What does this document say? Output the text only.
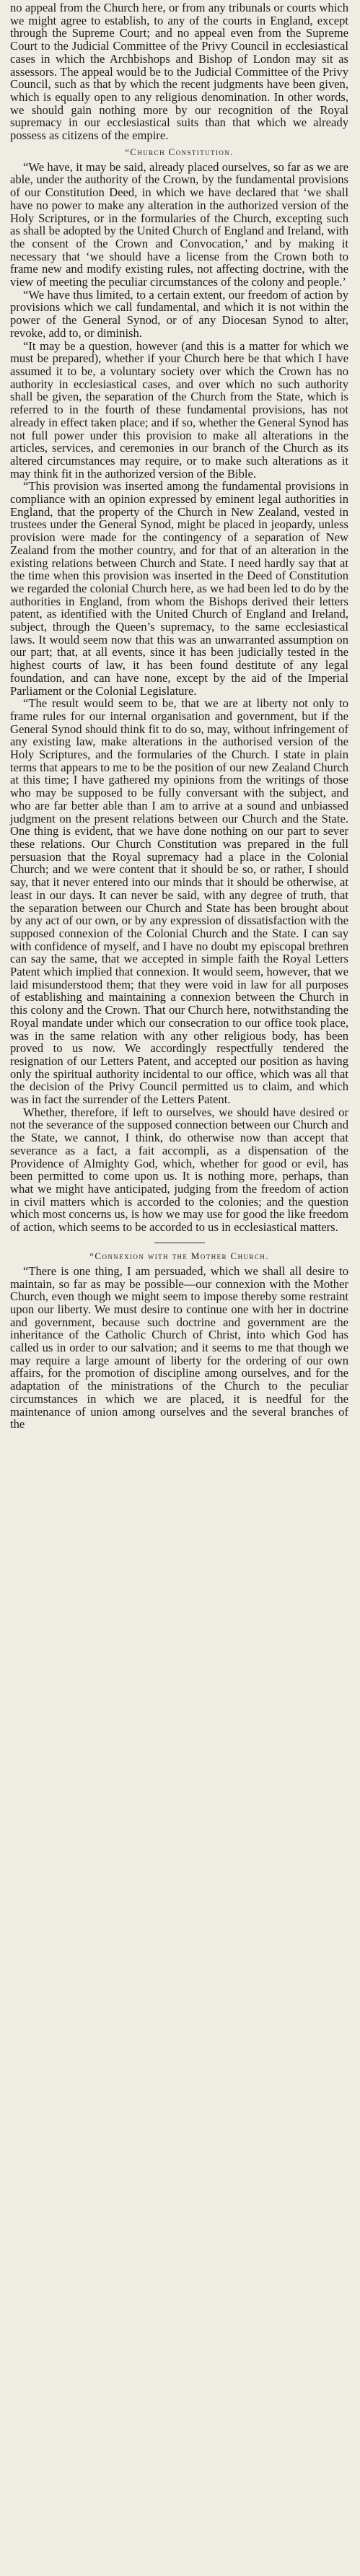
no appeal from the Church here, or from any tribunals or courts which we might agree to establish, to any of the courts in England, except through the Supreme Court; and no appeal even from the Supreme Court to the Judicial Committee of the Privy Council in ecclesiastical cases in which the Archbishops and Bishop of London may sit as assessors. The appeal would be to the Judicial Committee of the Privy Council, such as that by which the recent judgments have been given, which is equally open to any religious denomination. In other words, we should gain nothing more by our recognition of the Royal supremacy in our ecclesiastical suits than that which we already possess as citizens of the empire.

“Church Constitution.

“We have, it may be said, already placed ourselves, so far as we are able, under the authority of the Crown, by the fundamental provisions of our Constitution Deed, in which we have declared that ‘we shall have no power to make any alteration in the authorized version of the Holy Scriptures, or in the formularies of the Church, excepting such as shall be adopted by the United Church of England and Ireland, with the consent of the Crown and Convocation,’ and by making it necessary that ‘we should have a license from the Crown both to frame new and modify existing rules, not affecting doctrine, with the view of meeting the peculiar circumstances of the colony and people.’

“We have thus limited, to a certain extent, our freedom of action by provisions which we call fundamental, and which it is not within the power of the General Synod, or of any Diocesan Synod to alter, revoke, add to, or diminish.

“It may be a question, however (and this is a matter for which we must be prepared), whether if your Church here be that which I have assumed it to be, a voluntary society over which the Crown has no authority in ecclesiastical cases, and over which no such authority shall be given, the separation of the Church from the State, which is referred to in the fourth of these fundamental provisions, has not already in effect taken place; and if so, whether the General Synod has not full power under this provision to make all alterations in the articles, services, and ceremonies in our branch of the Church as its altered circumstances may require, or to make such alterations as it may think fit in the authorized version of the Bible.

“This provision was inserted among the fundamental provisions in compliance with an opinion expressed by eminent legal authorities in England, that the property of the Church in New Zealand, vested in trustees under the General Synod, might be placed in jeopardy, unless provision were made for the contingency of a separation of New Zealand from the mother country, and for that of an alteration in the existing relations between Church and State. I need hardly say that at the time when this provision was inserted in the Deed of Constitution we regarded the colonial Church here, as we had been led to do by the authorities in England, from whom the Bishops derived their letters patent, as identified with the United Church of England and Ireland, subject, through the Queen’s supremacy, to the same ecclesiastical laws. It would seem now that this was an unwarranted assumption on our part; that, at all events, since it has been judicially tested in the highest courts of law, it has been found destitute of any legal foundation, and can have none, except by the aid of the Imperial Parliament or the Colonial Legislature.

“The result would seem to be, that we are at liberty not only to frame rules for our internal organisation and government, but if the General Synod should think fit to do so, may, without infringement of any existing law, make alterations in the authorised version of the Holy Scriptures, and the formularies of the Church. I state in plain terms that appears to me to be the position of our new Zealand Church at this time; I have gathered my opinions from the writings of those who may be supposed to be fully conversant with the subject, and who are far better able than I am to arrive at a sound and unbiassed judgment on the present relations between our Church and the State. One thing is evident, that we have done nothing on our part to sever these relations. Our Church Constitution was prepared in the full persuasion that the Royal supremacy had a place in the Colonial Church; and we were content that it should be so, or rather, I should say, that it never entered into our minds that it should be otherwise, at least in our days. It can never be said, with any degree of truth, that the separation between our Church and State has been brought about by any act of our own, or by any expression of dissatisfaction with the supposed connexion of the Colonial Church and the State. I can say with confidence of myself, and I have no doubt my episcopal brethren can say the same, that we accepted in simple faith the Royal Letters Patent which implied that connexion. It would seem, however, that we laid misunderstood them; that they were void in law for all purposes of establishing and maintaining a connexion between the Church in this colony and the Crown. That our Church here, notwithstanding the Royal mandate under which our consecration to our office took place, was in the same relation with any other religious body, has been proved to us now. We accordingly respectfully tendered the resignation of our Letters Patent, and accepted our position as having only the spiritual authority incidental to our office, which was all that the decision of the Privy Council permitted us to claim, and which was in fact the surrender of the Letters Patent.

Whether, therefore, if left to ourselves, we should have desired or not the severance of the supposed connection between our Church and the State, we cannot, I think, do otherwise now than accept that severance as a fact, a fait accompli, as a dispensation of the Providence of Almighty God, which, whether for good or evil, has been permitted to come upon us. It is nothing more, perhaps, than what we might have anticipated, judging from the freedom of action in civil matters which is accorded to the colonies; and the question which most concerns us, is how we may use for good the like freedom of action, which seems to be accorded to us in ecclesiastical matters.

“Connexion with the Mother Church.

“There is one thing, I am persuaded, which we shall all desire to maintain, so far as may be possible—our connexion with the Mother Church, even though we might seem to impose thereby some restraint upon our liberty. We must desire to continue one with her in doctrine and government, because such doctrine and government are the inheritance of the Catholic Church of Christ, into which God has called us in order to our salvation; and it seems to me that though we may require a large amount of liberty for the ordering of our own affairs, for the promotion of discipline among ourselves, and for the adaptation of the ministrations of the Church to the peculiar circumstances in which we are placed, it is needful for the maintenance of union among ourselves and the several branches of the
